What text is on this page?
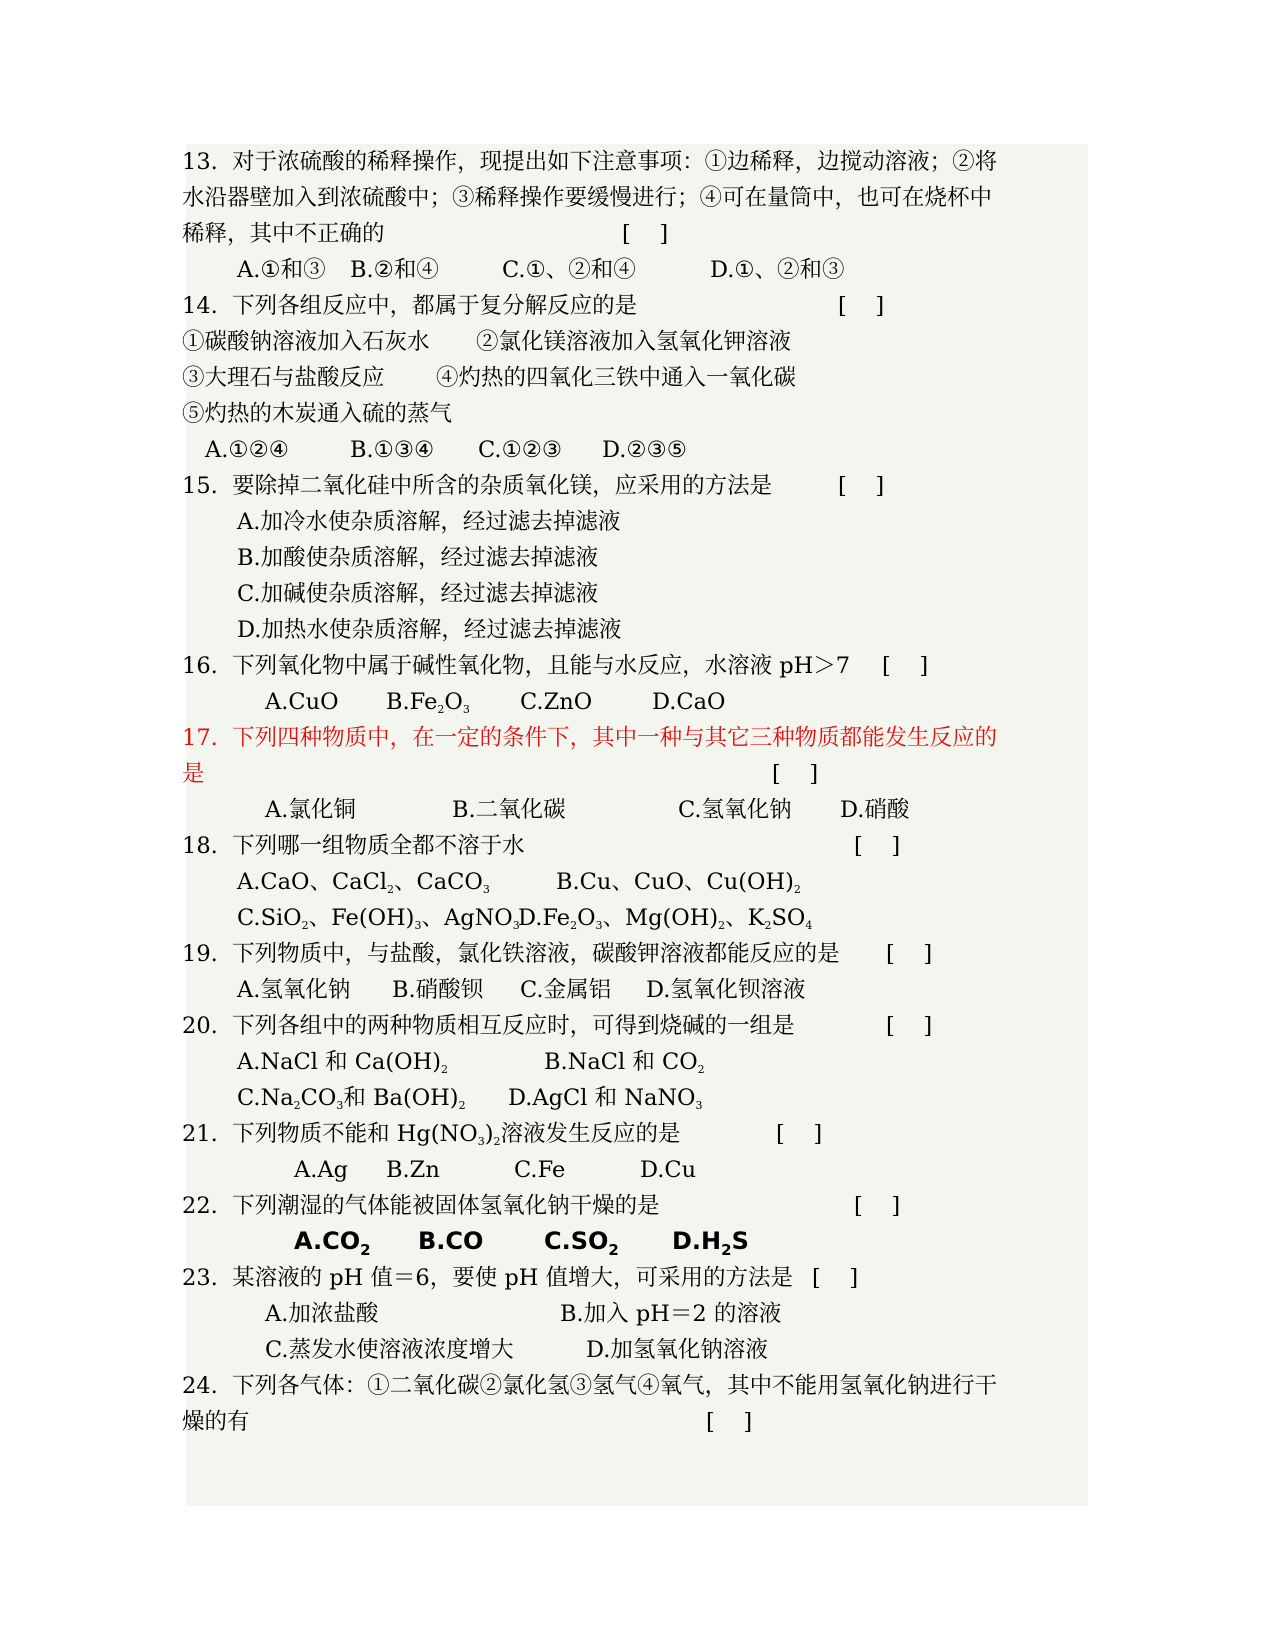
13.  对于浓硫酸的稀释操作，现提出如下注意事项：①边稀释，边搅动溶液；②将
水沿器壁加入到浓硫酸中；③稀释操作要缓慢进行；④可在量筒中，也可在烧杯中
稀释，其中不正确的	[    ]
A.①和③ B.②和④	C.①、②和④	D.①、②和③
14.  下列各组反应中，都属于复分解反应的是	[    ]
①碳酸钠溶液加入石灰水 ②氯化镁溶液加入氢氧化钾溶液
③大理石与盐酸反应 ④灼热的四氧化三铁中通入一氧化碳
⑤灼热的木炭通入硫的蒸气
A.①②④	B.①③④ C.①②③ D.②③⑤
15.  要除掉二氧化硅中所含的杂质氧化镁，应采用的方法是	[    ]
A.加冷水使杂质溶解，经过滤去掉滤液
B.加酸使杂质溶解，经过滤去掉滤液
C.加碱使杂质溶解，经过滤去掉滤液
D.加热水使杂质溶解，经过滤去掉滤液
16.  下列氧化物中属于碱性氧化物，且能与水反应，水溶液 pH＞7 [    ]
A.CuO $B.Fe_2O_3$ C.ZnO	D.CaO
17.  下列四种物质中，在一定的条件下，其中一种与其它三种物质都能发生反应的
是	[    ]
A.氯化铜	B.二氧化碳	C.氢氧化钠 D.硝酸
18.  下列哪一组物质全都不溶于水	[    ]
A.CaO、CaCl$_2$、CaCO$_3$	B.Cu、CuO、$Cu(OH)_2$
C.SiO$_2$、$Fe(OH)_3$、AgNO$_3$
$D.Fe_2O_3$、$Mg(OH)_2$、$K_2SO_4$
19.  下列物质中，与盐酸，氯化铁溶液，碳酸钾溶液都能反应的是 [    ]
A.氢氧化钠 B.硝酸钡 C.金属铝 D.氢氧化钡溶液
20.  下列各组中的两种物质相互反应时，可得到烧碱的一组是	[    ]
A.NaCl 和 $Ca(OH)_2$	B.NaCl 和 $CO_2$
$C.Na_2CO_3$和 $Ba(OH)_2$ D.AgCl 和 NaNO$_3$
21.  下列物质不能和 $Hg(NO_3)_2$溶液发生反应的是	[    ]
A.Ag B.Zn	C.Fe	D.Cu
22.  下列潮湿的气体能被固体氢氧化钠干燥的是	[    ]
$A.CO_2$ B.CO	$C.SO_2$ $D.H_2S$
23.  某溶液的 pH 值＝6，要使 pH 值增大，可采用的方法是 [    ]
A.加浓盐酸	B.加入 pH＝2 的溶液
C.蒸发水使溶液浓度增大	D.加氢氧化钠溶液
24.  下列各气体：①二氧化碳②氯化氢③氢气④氧气，其中不能用氢氧化钠进行干
燥的有	[    ]
